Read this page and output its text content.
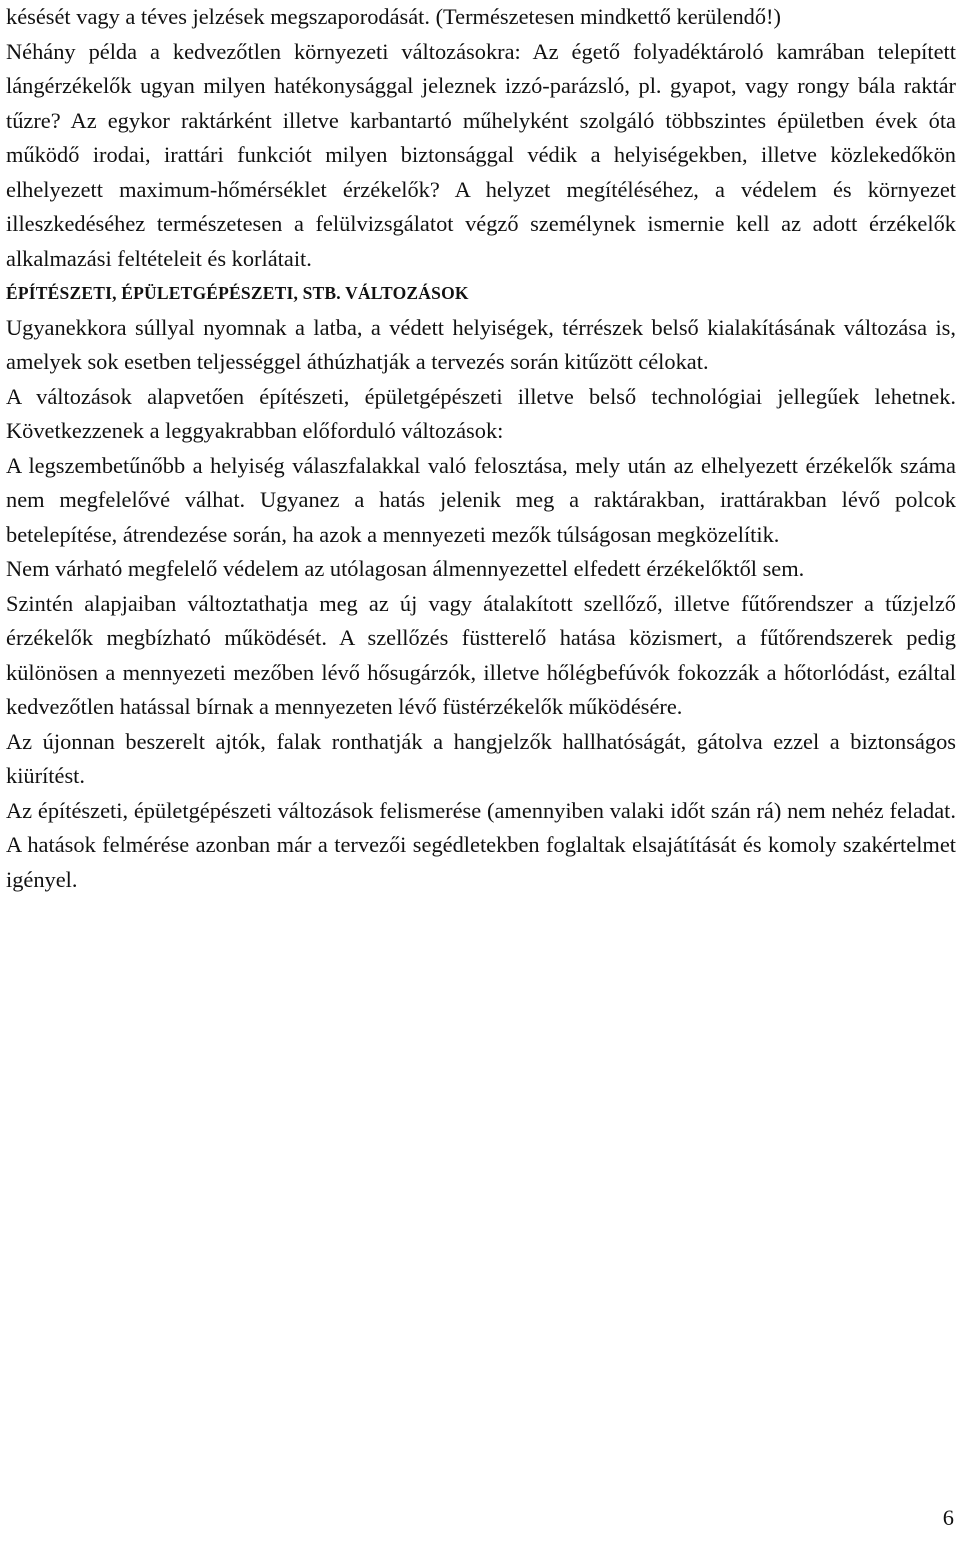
késését vagy a téves jelzések megszaporodását. (Természetesen mindkettő kerülendő!)

Néhány példa a kedvezőtlen környezeti változásokra: Az égető folyadéktároló kamrában telepített lángérzékelők ugyan milyen hatékonysággal jeleznek izzó-parázsló, pl. gyapot, vagy rongy bála raktár tűzre? Az egykor raktárként illetve karbantartó műhelyként szolgáló többszintes épületben évek óta működő irodai, irattári funkciót milyen biztonsággal védik a helyiségekben, illetve közlekedőkön elhelyezett maximum-hőmérséklet érzékelők? A helyzet megítéléséhez, a védelem és környezet illeszkedéséhez természetesen a felülvizsgálatot végző személynek ismernie kell az adott érzékelők alkalmazási feltételeit és korlátait.

ÉPÍTÉSZETI, ÉPÜLETGÉPÉSZETI, STB. VÁLTOZÁSOK

Ugyanekkora súllyal nyomnak a latba, a védett helyiségek, térrészek belső kialakításának változása is, amelyek sok esetben teljességgel áthúzhatják a tervezés során kitűzött célokat.

A változások alapvetően építészeti, épületgépészeti illetve belső technológiai jellegűek lehetnek. Következzenek a leggyakrabban előforduló változások:

A legszembetűnőbb a helyiség válaszfalakkal való felosztása, mely után az elhelyezett érzékelők száma nem megfelelővé válhat. Ugyanez a hatás jelenik meg a raktárakban, irattárakban lévő polcok betelepítése, átrendezése során, ha azok a mennyezeti mezők túlságosan megközelítik.

Nem várható megfelelő védelem az utólagosan álmennyezettel elfedett érzékelőktől sem.

Szintén alapjaiban változtathatja meg az új vagy átalakított szellőző, illetve fűtőrendszer a tűzjelző érzékelők megbízható működését. A szellőzés füstterelő hatása közismert, a fűtőrendszerek pedig különösen a mennyezeti mezőben lévő hősugárzók, illetve hőlégbefúvók fokozzák a hőtorlódást, ezáltal kedvezőtlen hatással bírnak a mennyezeten lévő füstérzékelők működésére.

Az újonnan beszerelt ajtók, falak ronthatják a hangjelzők hallhatóságát, gátolva ezzel a biztonságos kiürítést.

Az építészeti, épületgépészeti változások felismerése (amennyiben valaki időt szán rá) nem nehéz feladat. A hatások felmérése azonban már a tervezői segédletekben foglaltak elsajátítását és komoly szakértelmet igényel.

6
